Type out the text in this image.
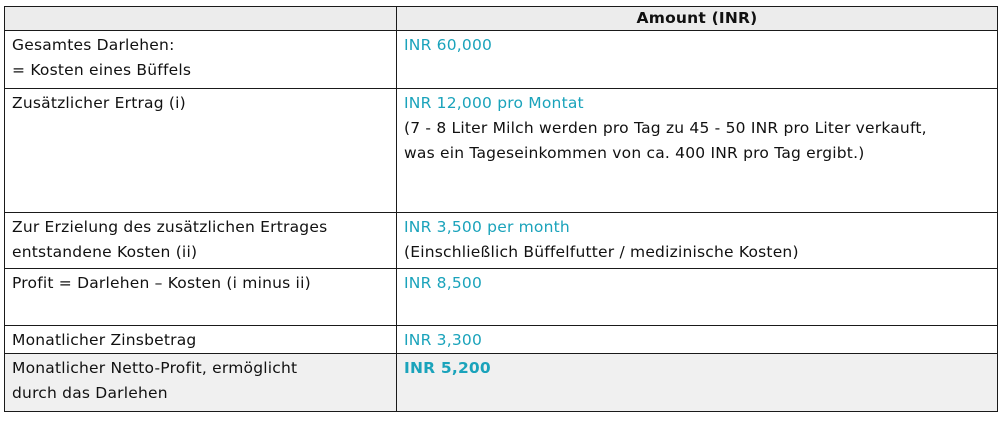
	Amount (INR)

Gesamtes Darlehen:
= Kosten eines Büffels	INR 60,000

Zusätzlicher Ertrag (i)	INR 12,000 pro Montat
(7 - 8 Liter Milch werden pro Tag zu 45 - 50 INR pro Liter verkauft,
was ein Tageseinkommen von ca. 400 INR pro Tag ergibt.)

Zur Erzielung des zusätzlichen Ertrages
entstandene Kosten (ii)	INR 3,500 per month
(Einschließlich Büffelfutter / medizinische Kosten)

Profit = Darlehen – Kosten (i minus ii)	INR 8,500

Monatlicher Zinsbetrag	INR 3,300

Monatlicher Netto-Profit, ermöglicht
durch das Darlehen	INR 5,200
